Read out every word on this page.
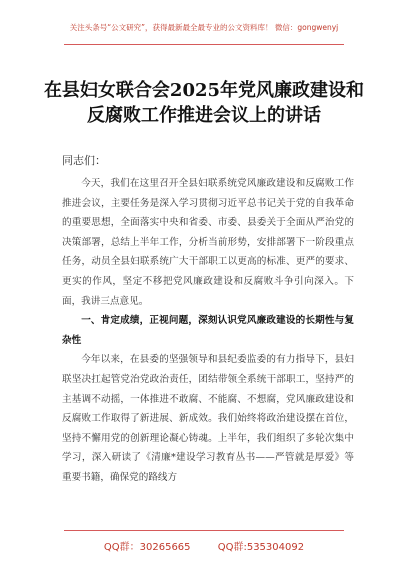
关注头条号“公文研究”，获得最新最全最专业的公文资料库！ 微信：gongwenyj
在县妇女联合会2025年党风廉政建设和
反腐败工作推进会议上的讲话
同志们：

今天，我们在这里召开全县妇联系统党风廉政建设和反腐败工作推进会议，主要任务是深入学习贯彻习近平总书记关于党的自我革命的重要思想，全面落实中央和省委、市委、县委关于全面从严治党的决策部署，总结上半年工作，分析当前形势，安排部署下一阶段重点任务，动员全县妇联系统广大干部职工以更高的标准、更严的要求、更实的作风，坚定不移把党风廉政建设和反腐败斗争引向深入。下面，我讲三点意见。

一、肯定成绩，正视问题，深刻认识党风廉政建设的长期性与复杂性

今年以来，在县委的坚强领导和县纪委监委的有力指导下，县妇联坚决扛起管党治党政治责任，团结带领全系统干部职工，坚持严的主基调不动摇，一体推进不敢腐、不能腐、不想腐，党风廉政建设和反腐败工作取得了新进展、新成效。我们始终将政治建设摆在首位，坚持不懈用党的创新理论凝心铸魂。上半年，我们组织了多轮次集中学习，深入研读了《清廉*建设学习教育丛书——严管就是厚爱》等重要书籍，确保党的路线方

QQ群：30265665	QQ群:535304092
